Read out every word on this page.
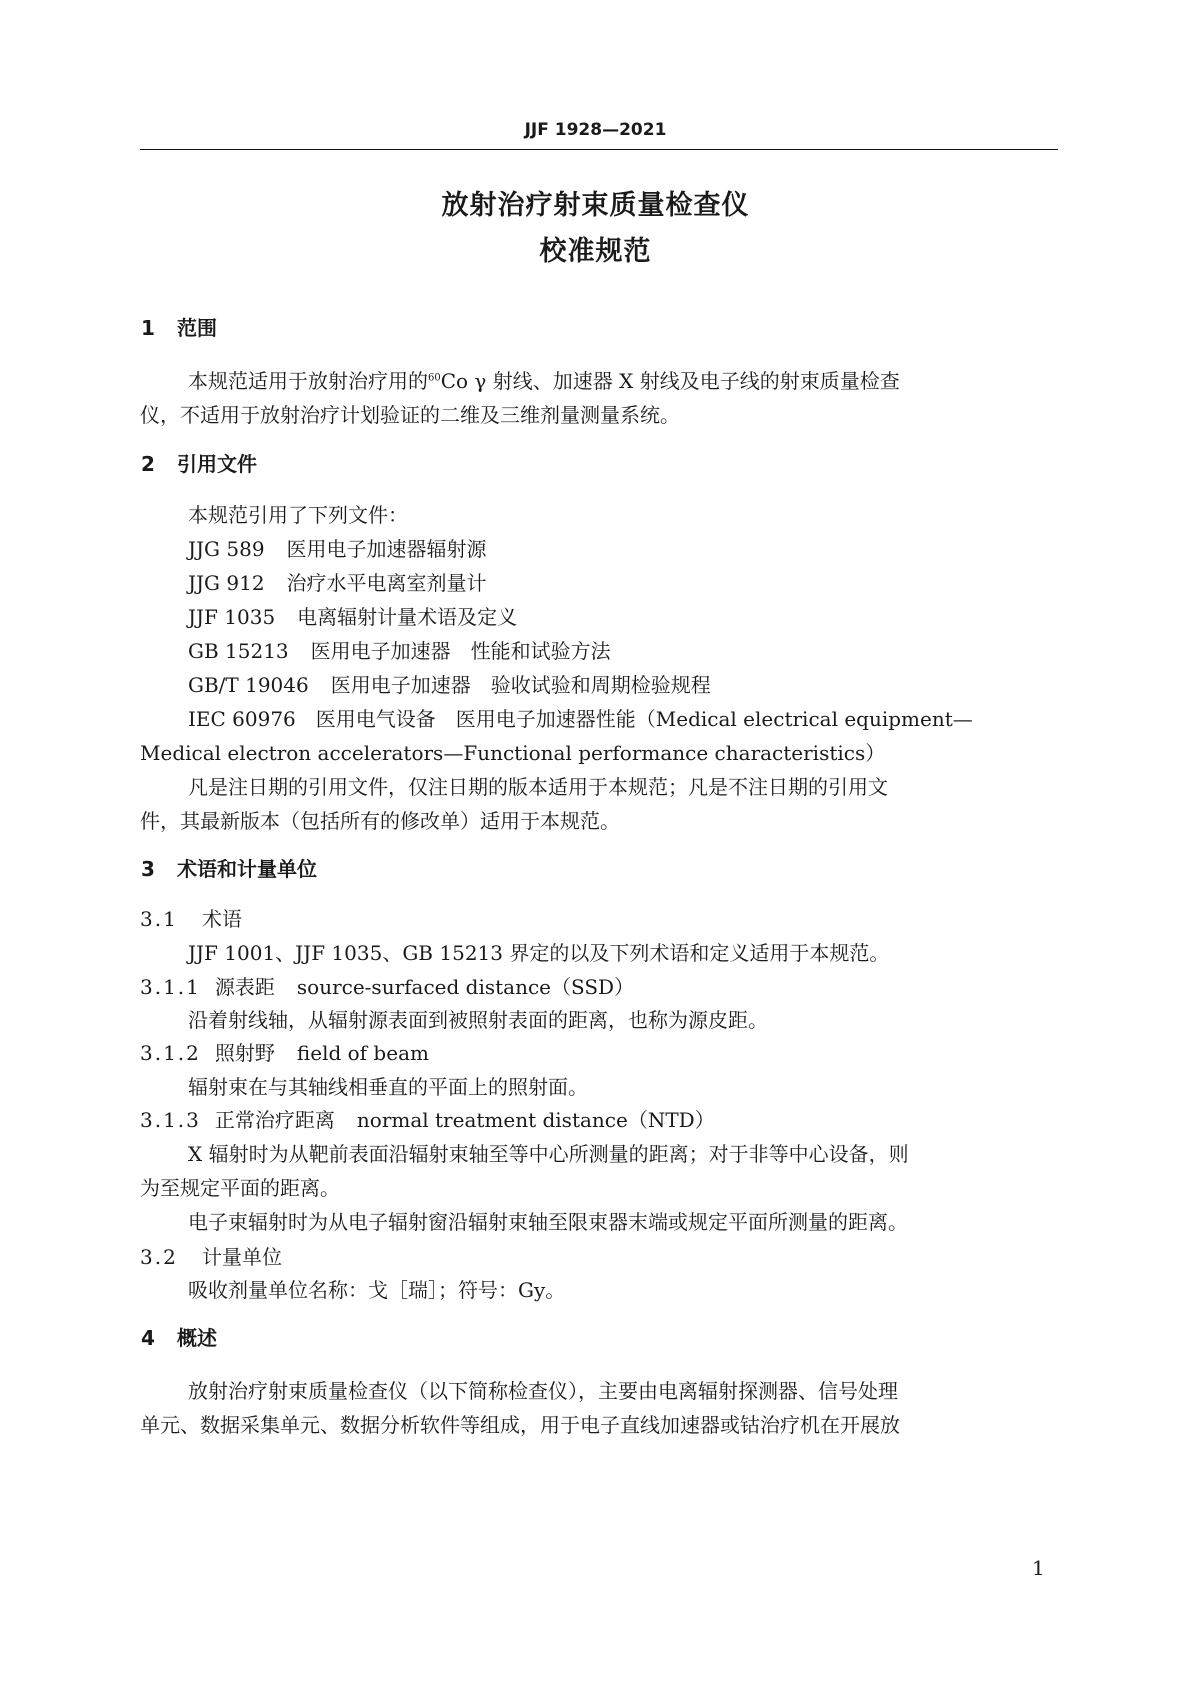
JJF 1928—2021
放射治疗射束质量检查仪
校准规范
1 范围
本规范适用于放射治疗用的$^{60}$Co γ 射线、加速器 X 射线及电子线的射束质量检查
仪，不适用于放射治疗计划验证的二维及三维剂量测量系统。
2 引用文件
本规范引用了下列文件：
JJG 589 医用电子加速器辐射源
JJG 912 治疗水平电离室剂量计
JJF 1035 电离辐射计量术语及定义
GB 15213 医用电子加速器　性能和试验方法
GB/T 19046 医用电子加速器　验收试验和周期检验规程
IEC 60976　医用电气设备　医用电子加速器性能（Medical electrical equipment—
Medical electron accelerators—Functional performance characteristics）
凡是注日期的引用文件，仅注日期的版本适用于本规范；凡是不注日期的引用文
件，其最新版本（包括所有的修改单）适用于本规范。
3 术语和计量单位
3.1 术语
JJF 1001、JJF 1035、GB 15213 界定的以及下列术语和定义适用于本规范。
3.1.1 源表距 source-surfaced distance（SSD）
沿着射线轴，从辐射源表面到被照射表面的距离，也称为源皮距。
3.1.2 照射野 field of beam
辐射束在与其轴线相垂直的平面上的照射面。
3.1.3 正常治疗距离 normal treatment distance（NTD）
X 辐射时为从靶前表面沿辐射束轴至等中心所测量的距离；对于非等中心设备，则
为至规定平面的距离。
电子束辐射时为从电子辐射窗沿辐射束轴至限束器末端或规定平面所测量的距离。
3.2 计量单位
吸收剂量单位名称：戈［瑞］；符号：Gy。
4 概述
放射治疗射束质量检查仪（以下简称检查仪），主要由电离辐射探测器、信号处理
单元、数据采集单元、数据分析软件等组成，用于电子直线加速器或钴治疗机在开展放
1
